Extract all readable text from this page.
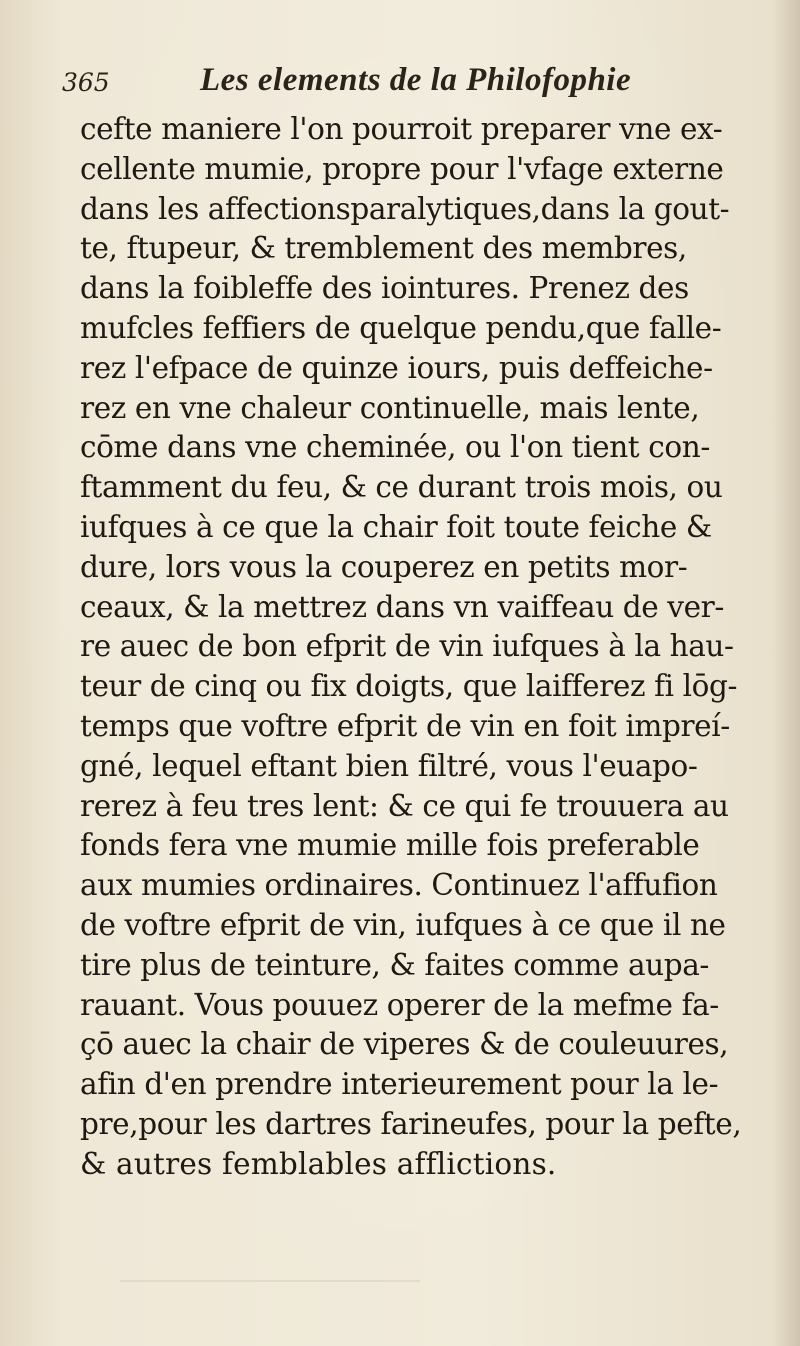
365	Les elements de la Philofophie
cefte maniere l'on pourroit preparer vne ex-
cellente mumie, propre pour l'vfage externe
dans les affectionsparalytiques,dans la gout-
te, ftupeur, & tremblement des membres,
dans la foibleffe des iointures. Prenez des
mufcles feffiers de quelque pendu,que falle-
rez l'efpace de quinze iours, puis deffeiche-
rez en vne chaleur continuelle, mais lente,
cōme dans vne cheminée, ou l'on tient con-
ftamment du feu, & ce durant trois mois, ou
iufques à ce que la chair foit toute feiche &
dure, lors vous la couperez en petits mor-
ceaux, & la mettrez dans vn vaiffeau de ver-
re auec de bon efprit de vin iufques à la hau-
teur de cinq ou fix doigts, que laifferez fi lōg-
temps que voftre efprit de vin en foit impreí-
gné, lequel eftant bien filtré, vous l'euapo-
rerez à feu tres lent: & ce qui fe trouuera au
fonds fera vne mumie mille fois preferable
aux mumies ordinaires. Continuez l'affufion
de voftre efprit de vin, iufques à ce que il ne
tire plus de teinture, & faites comme aupa-
rauant. Vous pouuez operer de la mefme fa-
çō auec la chair de viperes & de couleuures,
afin d'en prendre interieurement pour la le-
pre,pour les dartres farineufes, pour la pefte,
& autres femblables afflictions.
